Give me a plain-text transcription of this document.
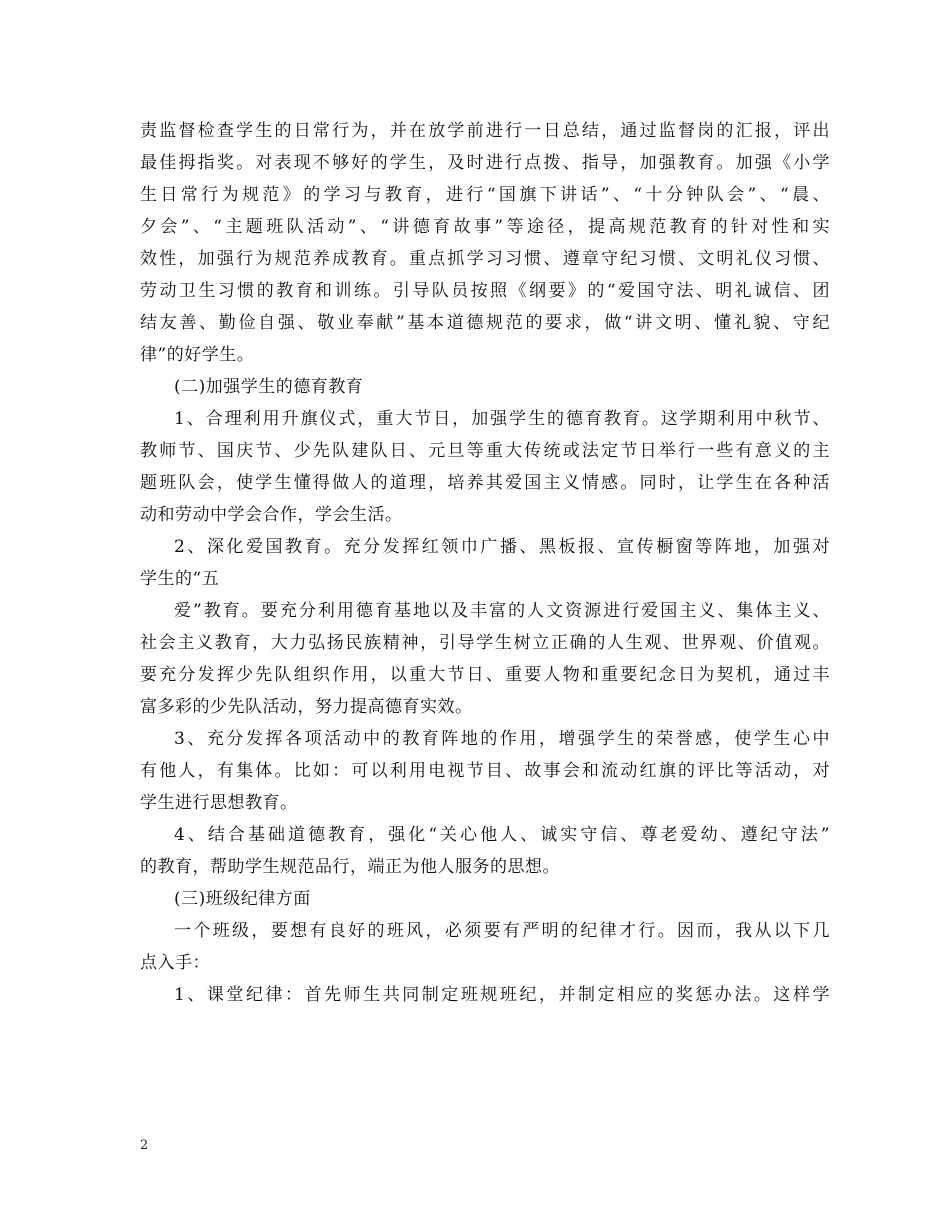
责监督检查学生的日常行为，并在放学前进行一日总结，通过监督岗的汇报，评出
最佳拇指奖。对表现不够好的学生，及时进行点拨、指导，加强教育。加强《小学
生日常行为规范》的学习与教育，进行“国旗下讲话”、“十分钟队会”、“晨、
夕会”、“主题班队活动”、“讲德育故事”等途径，提高规范教育的针对性和实
效性，加强行为规范养成教育。重点抓学习习惯、遵章守纪习惯、文明礼仪习惯、
劳动卫生习惯的教育和训练。引导队员按照《纲要》的“爱国守法、明礼诚信、团
结友善、勤俭自强、敬业奉献”基本道德规范的要求，做“讲文明、懂礼貌、守纪
律”的好学生。
(二)加强学生的德育教育
1、合理利用升旗仪式，重大节日，加强学生的德育教育。这学期利用中秋节、
教师节、国庆节、少先队建队日、元旦等重大传统或法定节日举行一些有意义的主
题班队会，使学生懂得做人的道理，培养其爱国主义情感。同时，让学生在各种活
动和劳动中学会合作，学会生活。
2、深化爱国教育。充分发挥红领巾广播、黑板报、宣传橱窗等阵地，加强对
学生的“五
爱”教育。要充分利用德育基地以及丰富的人文资源进行爱国主义、集体主义、
社会主义教育，大力弘扬民族精神，引导学生树立正确的人生观、世界观、价值观。
要充分发挥少先队组织作用，以重大节日、重要人物和重要纪念日为契机，通过丰
富多彩的少先队活动，努力提高德育实效。
3、充分发挥各项活动中的教育阵地的作用，增强学生的荣誉感，使学生心中
有他人，有集体。比如：可以利用电视节目、故事会和流动红旗的评比等活动，对
学生进行思想教育。
4、结合基础道德教育，强化“关心他人、诚实守信、尊老爱幼、遵纪守法”
的教育，帮助学生规范品行，端正为他人服务的思想。
(三)班级纪律方面
一个班级，要想有良好的班风，必须要有严明的纪律才行。因而，我从以下几
点入手：
1、课堂纪律：首先师生共同制定班规班纪，并制定相应的奖惩办法。这样学
2
